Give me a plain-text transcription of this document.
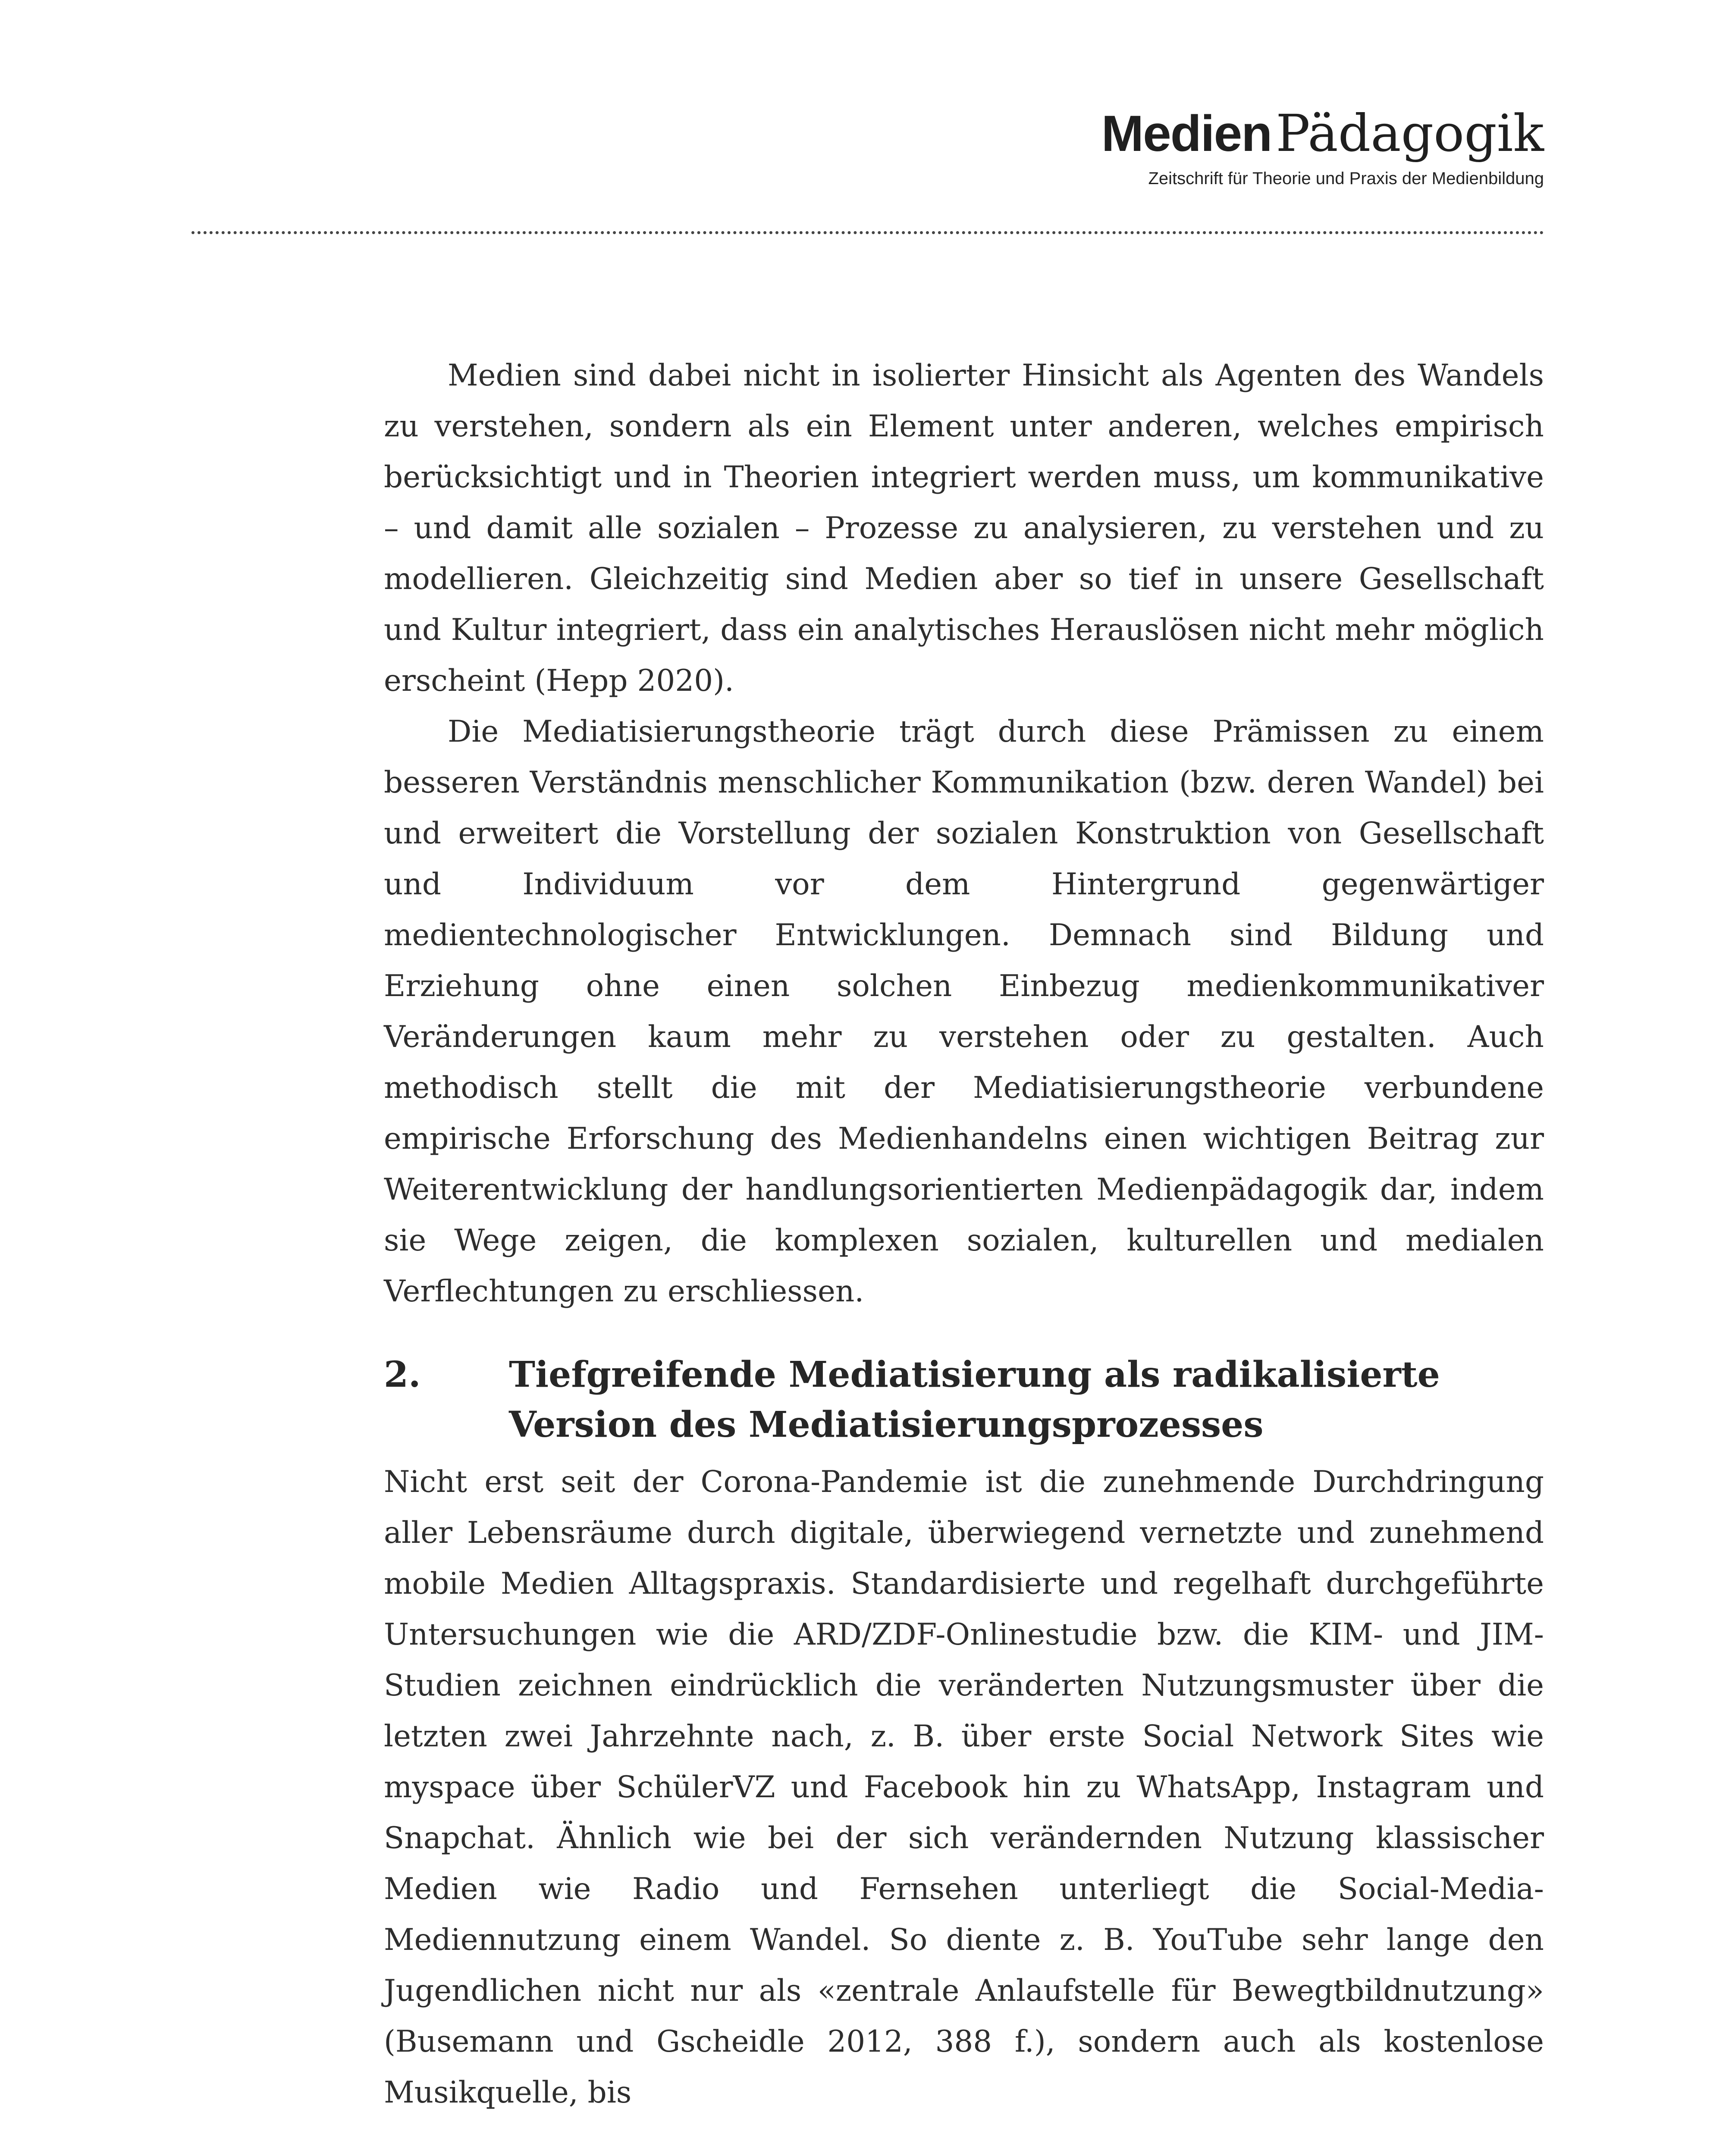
MedienPädagogik
Zeitschrift für Theorie und Praxis der Medienbildung

Medien sind dabei nicht in isolierter Hinsicht als Agenten des Wandels zu verstehen, sondern als ein Element unter anderen, welches empirisch berücksichtigt und in Theorien integriert werden muss, um kommunikative – und damit alle sozialen – Prozesse zu analysieren, zu verstehen und zu modellieren. Gleichzeitig sind Medien aber so tief in unsere Gesellschaft und Kultur integriert, dass ein analytisches Herauslösen nicht mehr möglich erscheint (Hepp 2020).

Die Mediatisierungstheorie trägt durch diese Prämissen zu einem besseren Verständnis menschlicher Kommunikation (bzw. deren Wandel) bei und erweitert die Vorstellung der sozialen Konstruktion von Gesellschaft und Individuum vor dem Hintergrund gegenwärtiger medientechnologischer Entwicklungen. Demnach sind Bildung und Erziehung ohne einen solchen Einbezug medienkommunikativer Veränderungen kaum mehr zu verstehen oder zu gestalten. Auch methodisch stellt die mit der Mediatisierungstheorie verbundene empirische Erforschung des Medienhandelns einen wichtigen Beitrag zur Weiterentwicklung der handlungsorientierten Medienpädagogik dar, indem sie Wege zeigen, die komplexen sozialen, kulturellen und medialen Verflechtungen zu erschliessen.

2. Tiefgreifende Mediatisierung als radikalisierte Version des Mediatisierungsprozesses

Nicht erst seit der Corona-Pandemie ist die zunehmende Durchdringung aller Lebensräume durch digitale, überwiegend vernetzte und zunehmend mobile Medien Alltagspraxis. Standardisierte und regelhaft durchgeführte Untersuchungen wie die ARD/ZDF-Onlinestudie bzw. die KIM- und JIM-Studien zeichnen eindrücklich die veränderten Nutzungsmuster über die letzten zwei Jahrzehnte nach, z. B. über erste Social Network Sites wie myspace über SchülerVZ und Facebook hin zu WhatsApp, Instagram und Snapchat. Ähnlich wie bei der sich verändernden Nutzung klassischer Medien wie Radio und Fernsehen unterliegt die Social-Media-Mediennutzung einem Wandel. So diente z. B. YouTube sehr lange den Jugendlichen nicht nur als «zentrale Anlaufstelle für Bewegtbildnutzung» (Busemann und Gscheidle 2012, 388 f.), sondern auch als kostenlose Musikquelle, bis
